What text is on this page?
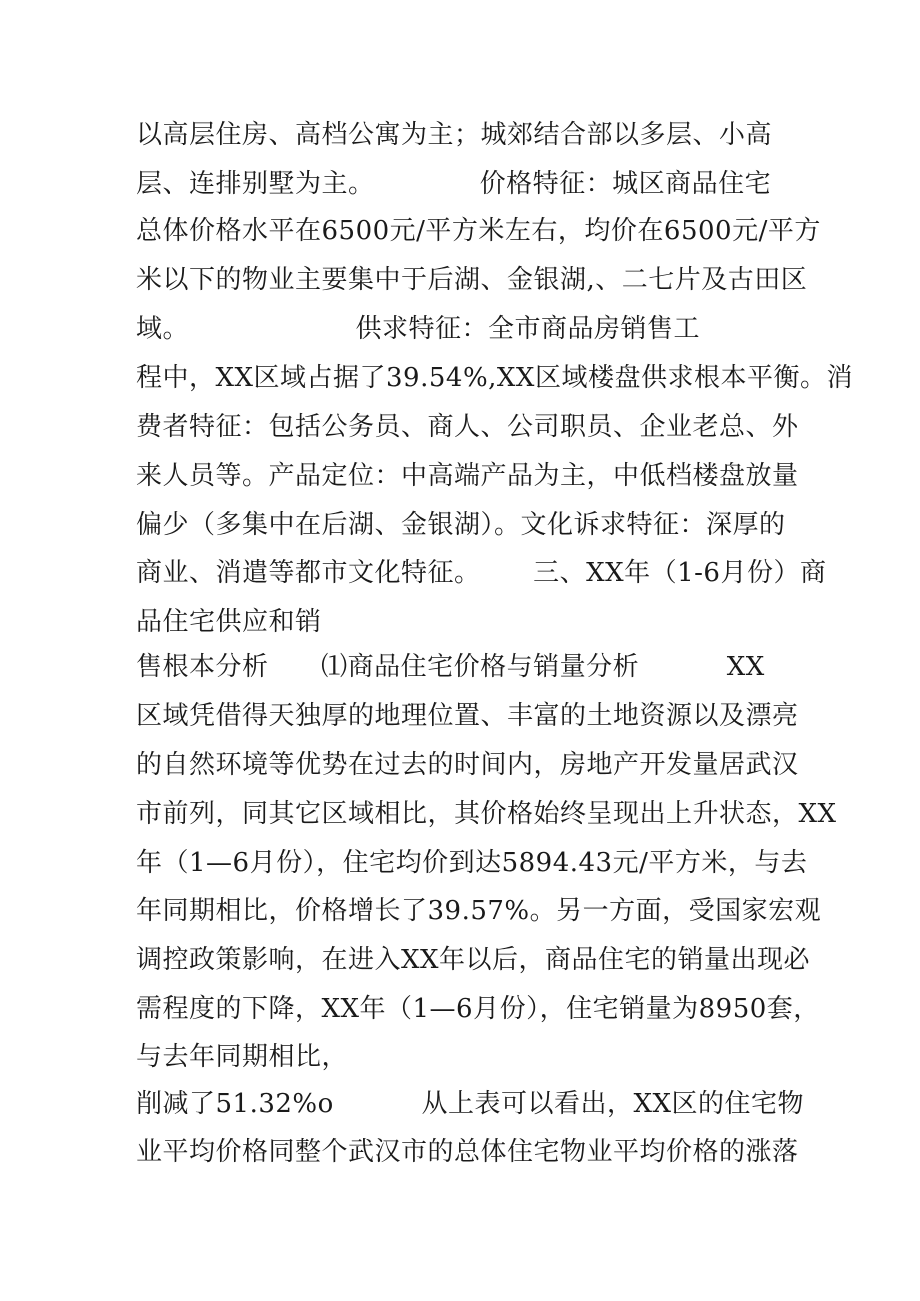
以高层住房、高档公寓为主；城郊结合部以多层、小高
层、连排别墅为主。            价格特征：城区商品住宅
总体价格水平在6500元/平方米左右，均价在6500元/平方
米以下的物业主要集中于后湖、金银湖,、二七片及古田区
域。                   供求特征：全市商品房销售工
程中，XX区域占据了39.54%,XX区域楼盘供求根本平衡。消
费者特征：包括公务员、商人、公司职员、企业老总、外
来人员等。产品定位：中高端产品为主，中低档楼盘放量
偏少（多集中在后湖、金银湖）。文化诉求特征：深厚的
商业、消遣等都市文化特征。      三、XX年（1-6月份）商
品住宅供应和销
售根本分析      ⑴商品住宅价格与销量分析          XX
区域凭借得天独厚的地理位置、丰富的土地资源以及漂亮
的自然环境等优势在过去的时间内，房地产开发量居武汉
市前列，同其它区域相比，其价格始终呈现出上升状态，XX
年（1—6月份），住宅均价到达5894.43元/平方米，与去
年同期相比，价格增长了39.57%。另一方面，受国家宏观
调控政策影响，在进入XX年以后，商品住宅的销量出现必
需程度的下降，XX年（1—6月份），住宅销量为8950套，
与去年同期相比，
削减了51.32%o          从上表可以看出，XX区的住宅物
业平均价格同整个武汉市的总体住宅物业平均价格的涨落
